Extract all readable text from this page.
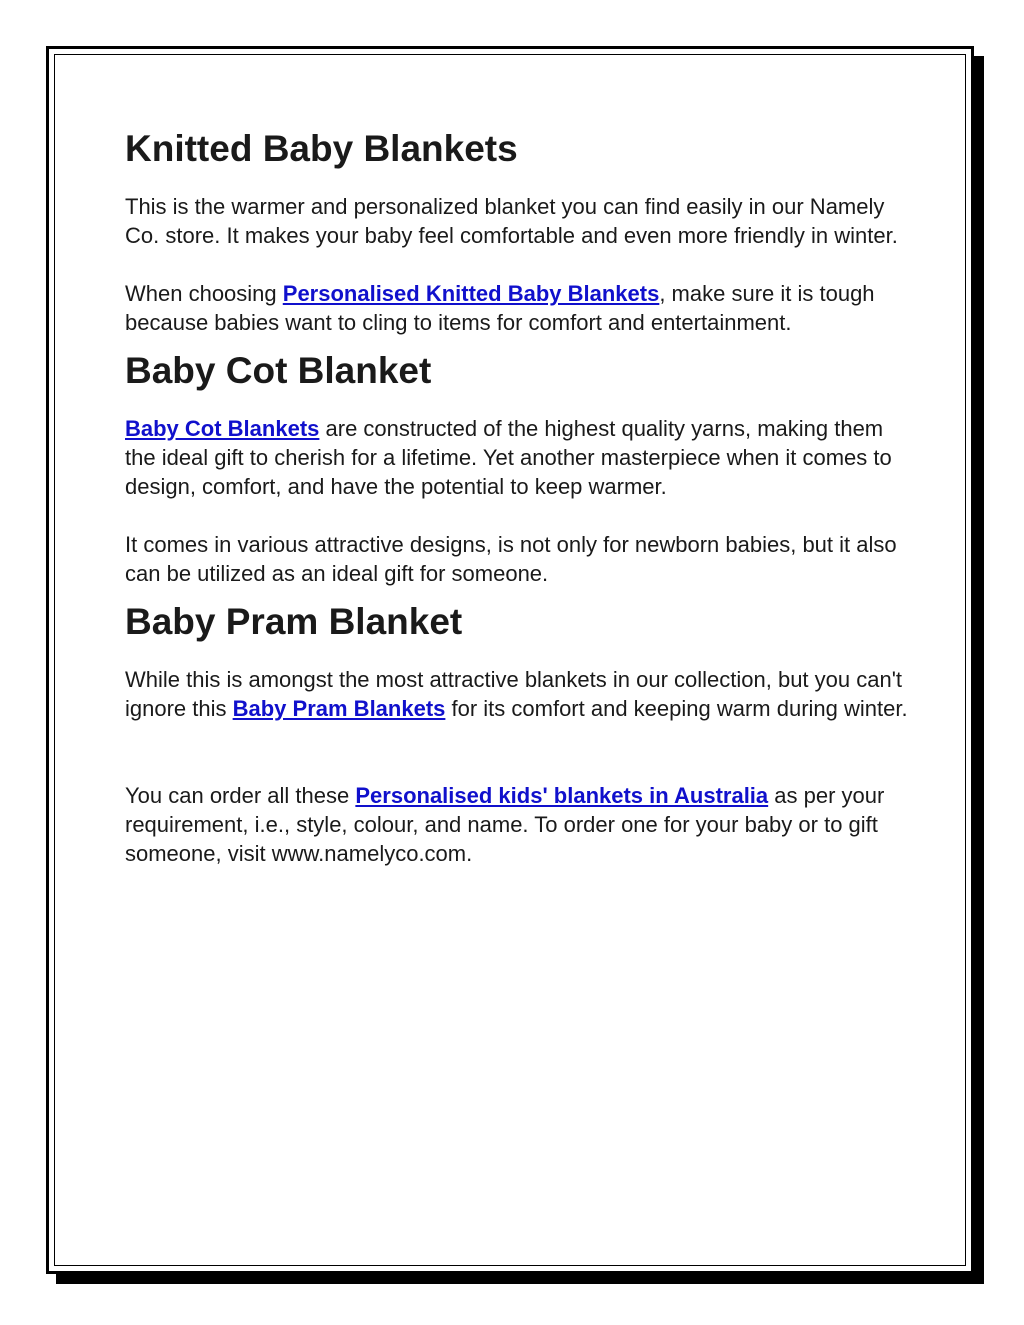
Knitted Baby Blankets

This is the warmer and personalized blanket you can find easily in our Namely Co. store. It makes your baby feel comfortable and even more friendly in winter.

When choosing Personalised Knitted Baby Blankets, make sure it is tough because babies want to cling to items for comfort and entertainment.

Baby Cot Blanket

Baby Cot Blankets are constructed of the highest quality yarns, making them the ideal gift to cherish for a lifetime. Yet another masterpiece when it comes to design, comfort, and have the potential to keep warmer.

It comes in various attractive designs, is not only for newborn babies, but it also can be utilized as an ideal gift for someone.

Baby Pram Blanket

While this is amongst the most attractive blankets in our collection, but you can't ignore this Baby Pram Blankets for its comfort and keeping warm during winter.

You can order all these Personalised kids' blankets in Australia as per your requirement, i.e., style, colour, and name. To order one for your baby or to gift someone, visit www.namelyco.com.
